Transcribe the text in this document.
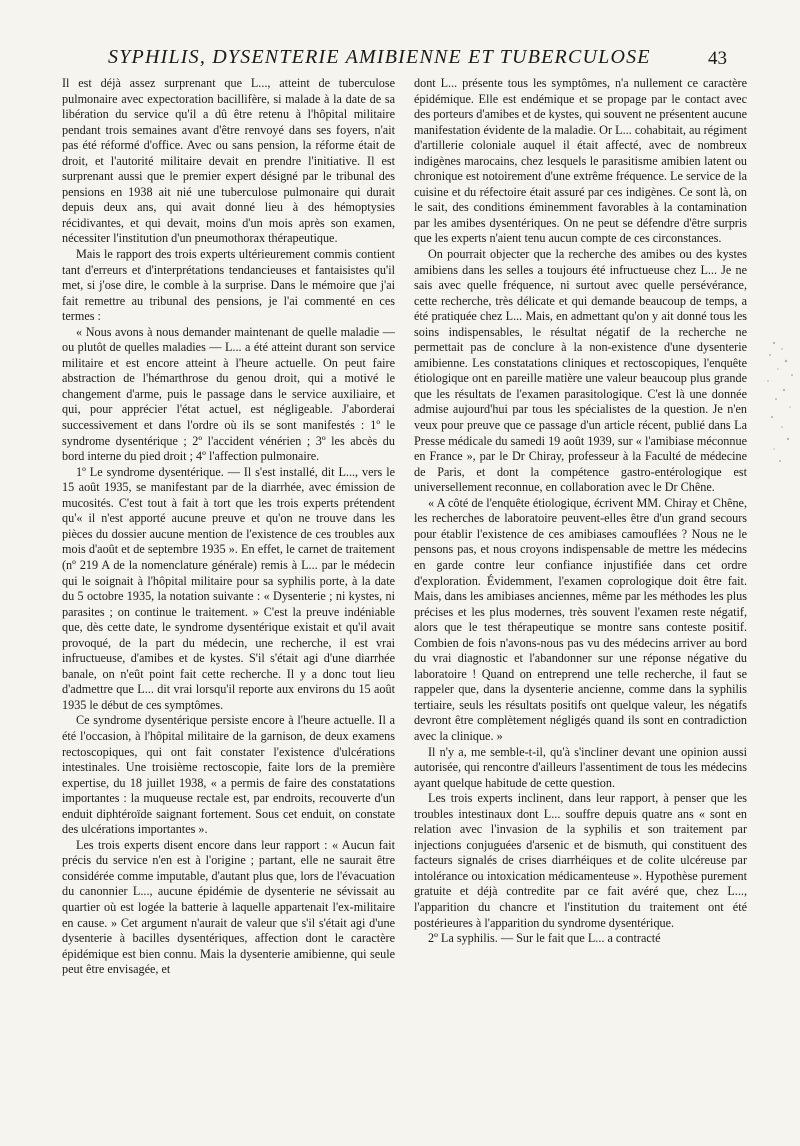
SYPHILIS, DYSENTERIE AMIBIENNE ET TUBERCULOSE	43

Il est déjà assez surprenant que L..., atteint de tuberculose pulmonaire avec expectoration bacillifère, si malade à la date de sa libération du service qu'il a dû être retenu à l'hôpital militaire pendant trois semaines avant d'être renvoyé dans ses foyers, n'ait pas été réformé d'office. Avec ou sans pension, la réforme était de droit, et l'autorité militaire devait en prendre l'initiative. Il est surprenant aussi que le premier expert désigné par le tribunal des pensions en 1938 ait nié une tuberculose pulmonaire qui durait depuis deux ans, qui avait donné lieu à des hémoptysies récidivantes, et qui devait, moins d'un mois après son examen, nécessiter l'institution d'un pneumothorax thérapeutique.

Mais le rapport des trois experts ultérieurement commis contient tant d'erreurs et d'interprétations tendancieuses et fantaisistes qu'il met, si j'ose dire, le comble à la surprise. Dans le mémoire que j'ai fait remettre au tribunal des pensions, je l'ai commenté en ces termes :

« Nous avons à nous demander maintenant de quelle maladie — ou plutôt de quelles maladies — L... a été atteint durant son service militaire et est encore atteint à l'heure actuelle. On peut faire abstraction de l'hémarthrose du genou droit, qui a motivé le changement d'arme, puis le passage dans le service auxiliaire, et qui, pour apprécier l'état actuel, est négligeable. J'aborderai successivement et dans l'ordre où ils se sont manifestés : 1º le syndrome dysentérique ; 2º l'accident vénérien ; 3º les abcès du bord interne du pied droit ; 4º l'affection pulmonaire.

1º Le syndrome dysentérique. — Il s'est installé, dit L..., vers le 15 août 1935, se manifestant par de la diarrhée, avec émission de mucosités. C'est tout à fait à tort que les trois experts prétendent qu'« il n'est apporté aucune preuve et qu'on ne trouve dans les pièces du dossier aucune mention de l'existence de ces troubles aux mois d'août et de septembre 1935 ». En effet, le carnet de traitement (nº 219 A de la nomenclature générale) remis à L... par le médecin qui le soignait à l'hôpital militaire pour sa syphilis porte, à la date du 5 octobre 1935, la notation suivante : « Dysenterie ; ni kystes, ni parasites ; on continue le traitement. » C'est la preuve indéniable que, dès cette date, le syndrome dysentérique existait et qu'il avait provoqué, de la part du médecin, une recherche, il est vrai infructueuse, d'amibes et de kystes. S'il s'était agi d'une diarrhée banale, on n'eût point fait cette recherche. Il y a donc tout lieu d'admettre que L... dit vrai lorsqu'il reporte aux environs du 15 août 1935 le début de ces symptômes.

Ce syndrome dysentérique persiste encore à l'heure actuelle. Il a été l'occasion, à l'hôpital militaire de la garnison, de deux examens rectoscopiques, qui ont fait constater l'existence d'ulcérations intestinales. Une troisième rectoscopie, faite lors de la première expertise, du 18 juillet 1938, « a permis de faire des constatations importantes : la muqueuse rectale est, par endroits, recouverte d'un enduit diphtéroïde saignant fortement. Sous cet enduit, on constate des ulcérations importantes ».

Les trois experts disent encore dans leur rapport : « Aucun fait précis du service n'en est à l'origine ; partant, elle ne saurait être considérée comme imputable, d'autant plus que, lors de l'évacuation du canonnier L..., aucune épidémie de dysenterie ne sévissait au quartier où est logée la batterie à laquelle appartenait l'ex-militaire en cause. » Cet argument n'aurait de valeur que s'il s'était agi d'une dysenterie à bacilles dysentériques, affection dont le caractère épidémique est bien connu. Mais la dysenterie amibienne, qui seule peut être envisagée, et

dont L... présente tous les symptômes, n'a nullement ce caractère épidémique. Elle est endémique et se propage par le contact avec des porteurs d'amibes et de kystes, qui souvent ne présentent aucune manifestation évidente de la maladie. Or L... cohabitait, au régiment d'artillerie coloniale auquel il était affecté, avec de nombreux indigènes marocains, chez lesquels le parasitisme amibien latent ou chronique est notoirement d'une extrême fréquence. Le service de la cuisine et du réfectoire était assuré par ces indigènes. Ce sont là, on le sait, des conditions éminemment favorables à la contamination par les amibes dysentériques. On ne peut se défendre d'être surpris que les experts n'aient tenu aucun compte de ces circonstances.

On pourrait objecter que la recherche des amibes ou des kystes amibiens dans les selles a toujours été infructueuse chez L... Je ne sais avec quelle fréquence, ni surtout avec quelle persévérance, cette recherche, très délicate et qui demande beaucoup de temps, a été pratiquée chez L... Mais, en admettant qu'on y ait donné tous les soins indispensables, le résultat négatif de la recherche ne permettait pas de conclure à la non-existence d'une dysenterie amibienne. Les constatations cliniques et rectoscopiques, l'enquête étiologique ont en pareille matière une valeur beaucoup plus grande que les résultats de l'examen parasitologique. C'est là une donnée admise aujourd'hui par tous les spécialistes de la question. Je n'en veux pour preuve que ce passage d'un article récent, publié dans La Presse médicale du samedi 19 août 1939, sur « l'amibiase méconnue en France », par le Dr Chiray, professeur à la Faculté de médecine de Paris, et dont la compétence gastro-entérologique est universellement reconnue, en collaboration avec le Dr Chêne.

« A côté de l'enquête étiologique, écrivent MM. Chiray et Chêne, les recherches de laboratoire peuvent-elles être d'un grand secours pour établir l'existence de ces amibiases camouflées ? Nous ne le pensons pas, et nous croyons indispensable de mettre les médecins en garde contre leur confiance injustifiée dans cet ordre d'exploration. Évidemment, l'examen coprologique doit être fait. Mais, dans les amibiases anciennes, même par les méthodes les plus précises et les plus modernes, très souvent l'examen reste négatif, alors que le test thérapeutique se montre sans conteste positif. Combien de fois n'avons-nous pas vu des médecins arriver au bord du vrai diagnostic et l'abandonner sur une réponse négative du laboratoire ! Quand on entreprend une telle recherche, il faut se rappeler que, dans la dysenterie ancienne, comme dans la syphilis tertiaire, seuls les résultats positifs ont quelque valeur, les négatifs devront être complètement négligés quand ils sont en contradiction avec la clinique. »

Il n'y a, me semble-t-il, qu'à s'incliner devant une opinion aussi autorisée, qui rencontre d'ailleurs l'assentiment de tous les médecins ayant quelque habitude de cette question.

Les trois experts inclinent, dans leur rapport, à penser que les troubles intestinaux dont L... souffre depuis quatre ans « sont en relation avec l'invasion de la syphilis et son traitement par injections conjuguées d'arsenic et de bismuth, qui constituent des facteurs signalés de crises diarrhéiques et de colite ulcéreuse par intolérance ou intoxication médicamenteuse ». Hypothèse purement gratuite et déjà contredite par ce fait avéré que, chez L..., l'apparition du chancre et l'institution du traitement ont été postérieures à l'apparition du syndrome dysentérique.

2º La syphilis. — Sur le fait que L... a contracté
